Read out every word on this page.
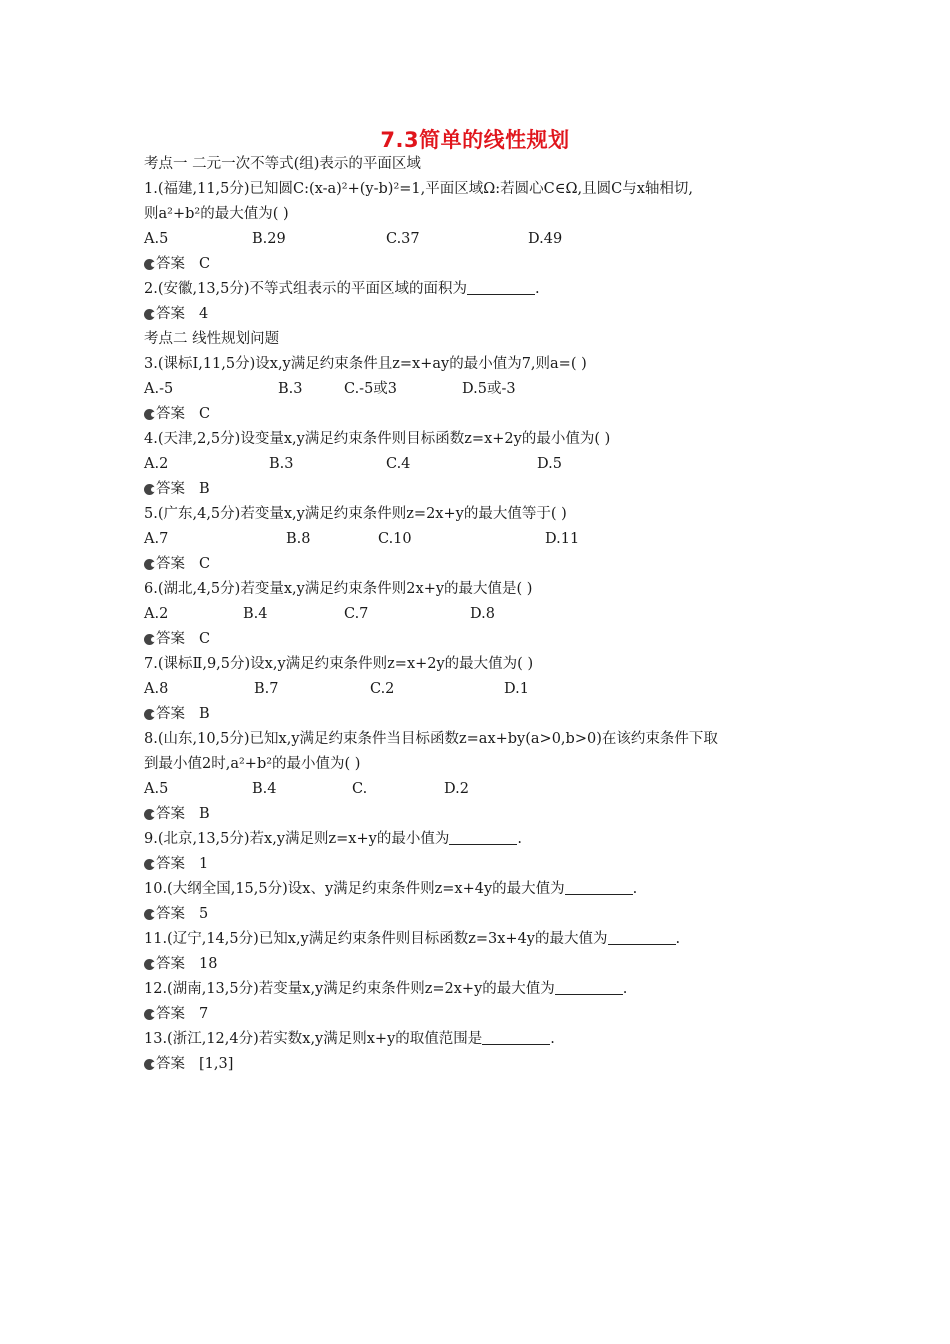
7.3简单的线性规划
考点一 二元一次不等式(组)表示的平面区域
1.(福建,11,5分)已知圆C:(x-a)²+(y-b)²=1,平面区域Ω:若圆心C∈Ω,且圆C与x轴相切,
则a²+b²的最大值为( )
A.5	B.29	C.37	D.49
答案 C
2.(安徽,13,5分)不等式组表示的平面区域的面积为	.
答案 4
考点二 线性规划问题
3.(课标Ⅰ,11,5分)设x,y满足约束条件且z=x+ay的最小值为7,则a=( )
A.-5	B.3	C.-5或3	D.5或-3
答案 C
4.(天津,2,5分)设变量x,y满足约束条件则目标函数z=x+2y的最小值为( )
A.2	B.3	C.4	D.5
答案 B
5.(广东,4,5分)若变量x,y满足约束条件则z=2x+y的最大值等于( )
A.7	B.8	C.10	D.11
答案 C
6.(湖北,4,5分)若变量x,y满足约束条件则2x+y的最大值是( )
A.2	B.4	C.7	D.8
答案 C
7.(课标Ⅱ,9,5分)设x,y满足约束条件则z=x+2y的最大值为( )
A.8	B.7	C.2	D.1
答案 B
8.(山东,10,5分)已知x,y满足约束条件当目标函数z=ax+by(a>0,b>0)在该约束条件下取
到最小值2时,a²+b²的最小值为( )
A.5	B.4	C.	D.2
答案 B
9.(北京,13,5分)若x,y满足则z=x+y的最小值为	.
答案 1
10.(大纲全国,15,5分)设x、y满足约束条件则z=x+4y的最大值为	.
答案 5
11.(辽宁,14,5分)已知x,y满足约束条件则目标函数z=3x+4y的最大值为	.
答案 18
12.(湖南,13,5分)若变量x,y满足约束条件则z=2x+y的最大值为	.
答案 7
13.(浙江,12,4分)若实数x,y满足则x+y的取值范围是	.
答案 [1,3]
